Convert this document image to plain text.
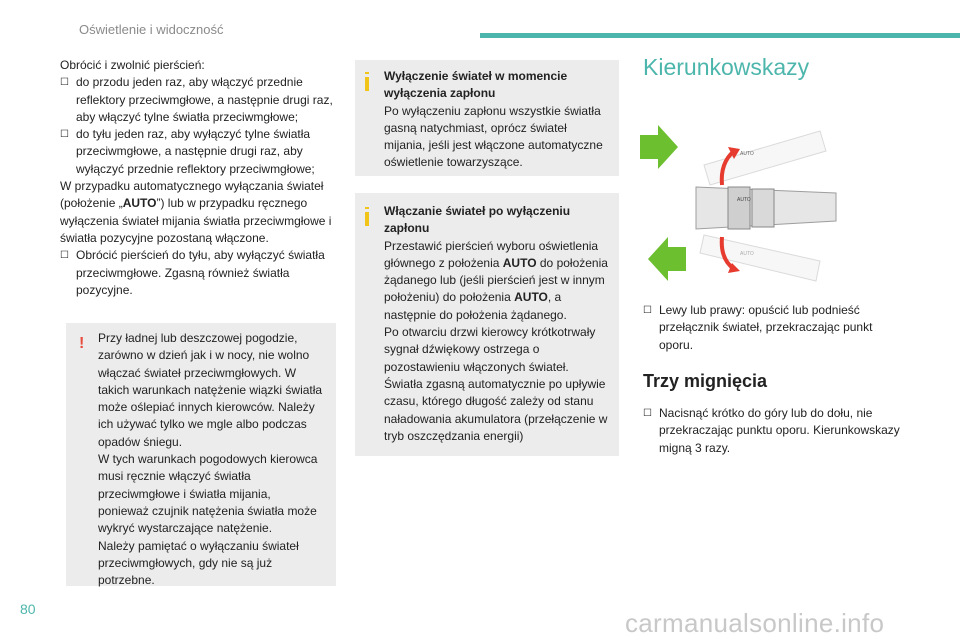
Oświetlenie i widoczność
Obrócić i zwolnić pierścień:
☐ do przodu jeden raz, aby włączyć przednie reflektory przeciwmgłowe, a następnie drugi raz, aby włączyć tylne światła przeciwmgłowe;
☐ do tyłu jeden raz, aby wyłączyć tylne światła przeciwmgłowe, a następnie drugi raz, aby wyłączyć przednie reflektory przeciwmgłowe;
W przypadku automatycznego wyłączania świateł (położenie „AUTO”) lub w przypadku ręcznego wyłączenia świateł mijania światła przeciwmgłowe i światła pozycyjne pozostaną włączone.
☐ Obrócić pierścień do tyłu, aby wyłączyć światła przeciwmgłowe. Zgasną również światła pozycyjne.
! Przy ładnej lub deszczowej pogodzie, zarówno w dzień jak i w nocy, nie wolno włączać świateł przeciwmgłowych. W takich warunkach natężenie wiązki światła może oślepiać innych kierowców. Należy ich używać tylko we mgle albo podczas opadów śniegu.
W tych warunkach pogodowych kierowca musi ręcznie włączyć światła przeciwmgłowe i światła mijania, ponieważ czujnik natężenia światła może wykryć wystarczające natężenie.
Należy pamiętać o wyłączaniu świateł przeciwmgłowych, gdy nie są już potrzebne.
Wyłączenie świateł w momencie wyłączenia zapłonu
Po wyłączeniu zapłonu wszystkie światła gasną natychmiast, oprócz świateł mijania, jeśli jest włączone automatyczne oświetlenie towarzyszące.
Włączanie świateł po wyłączeniu zapłonu
Przestawić pierścień wyboru oświetlenia głównego z położenia AUTO do położenia żądanego lub (jeśli pierścień jest w innym położeniu) do położenia AUTO, a następnie do położenia żądanego.
Po otwarciu drzwi kierowcy krótkotrwały sygnał dźwiękowy ostrzega o pozostawieniu włączonych świateł.
Światła zgasną automatycznie po upływie czasu, którego długość zależy od stanu naładowania akumulatora (przełączenie w tryb oszczędzania energii)
Kierunkowskazy
AUTO
AUTO
AUTO
☐ Lewy lub prawy: opuścić lub podnieść przełącznik świateł, przekraczając punkt oporu.
Trzy mignięcia
☐ Nacisnąć krótko do góry lub do dołu, nie przekraczając punktu oporu. Kierunkowskazy migną 3 razy.
80	carmanualsonline.info
